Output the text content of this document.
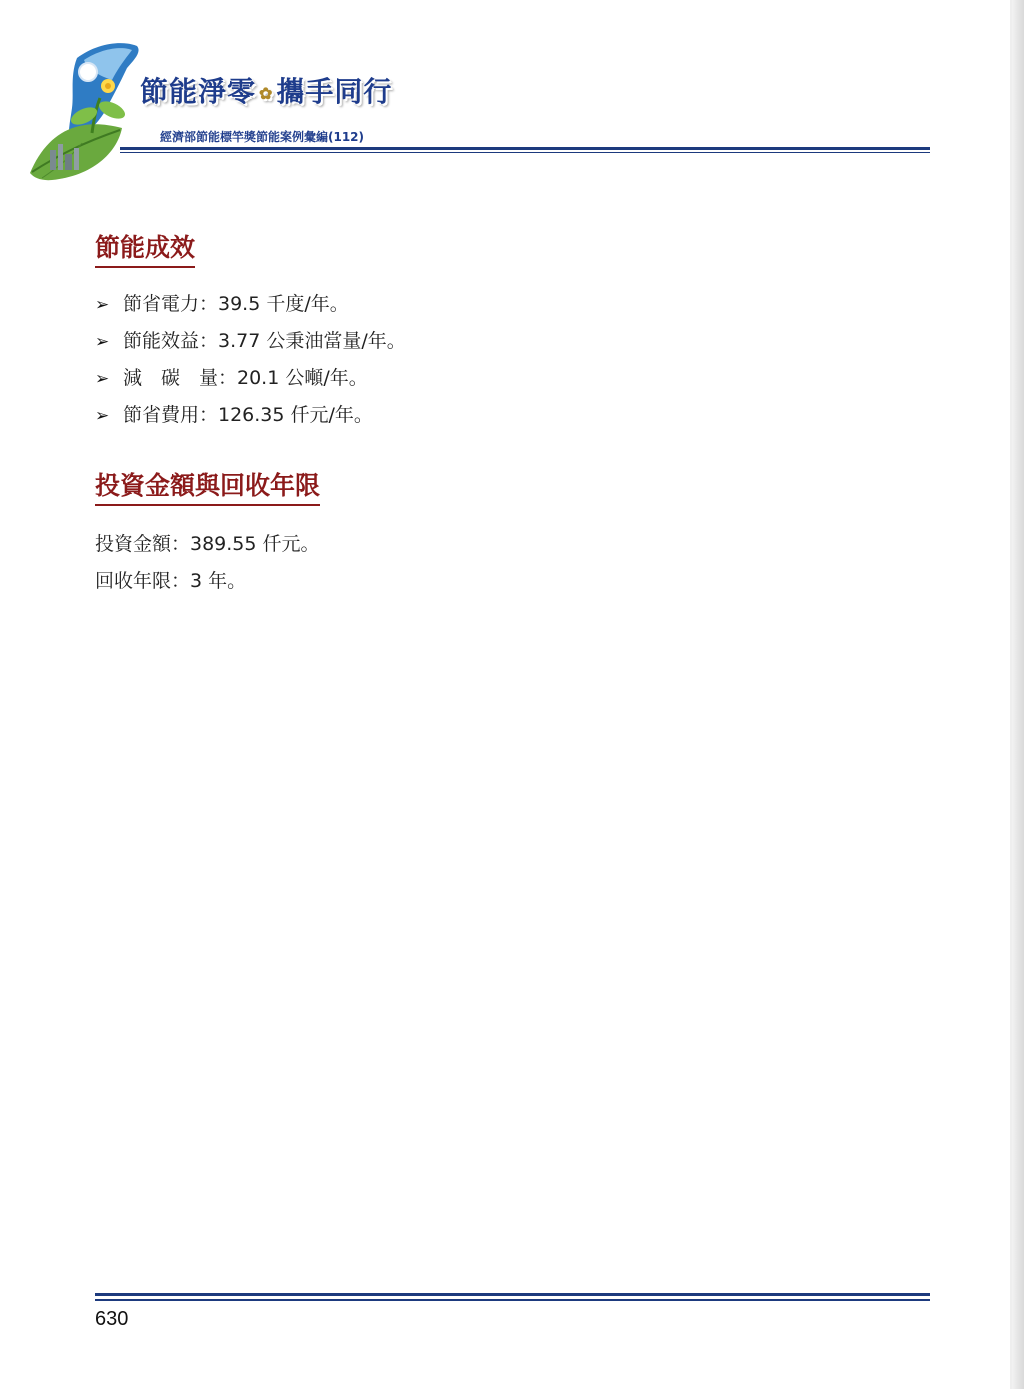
節能淨零 ✿ 攜手同行
經濟部節能標竿獎節能案例彙編(112)
節能成效
➢ 節省電力：39.5 千度/年。
➢ 節能效益：3.77 公秉油當量/年。
➢ 減　碳　量：20.1 公噸/年。
➢ 節省費用：126.35 仟元/年。
投資金額與回收年限
投資金額：389.55 仟元。
回收年限：3 年。
630
